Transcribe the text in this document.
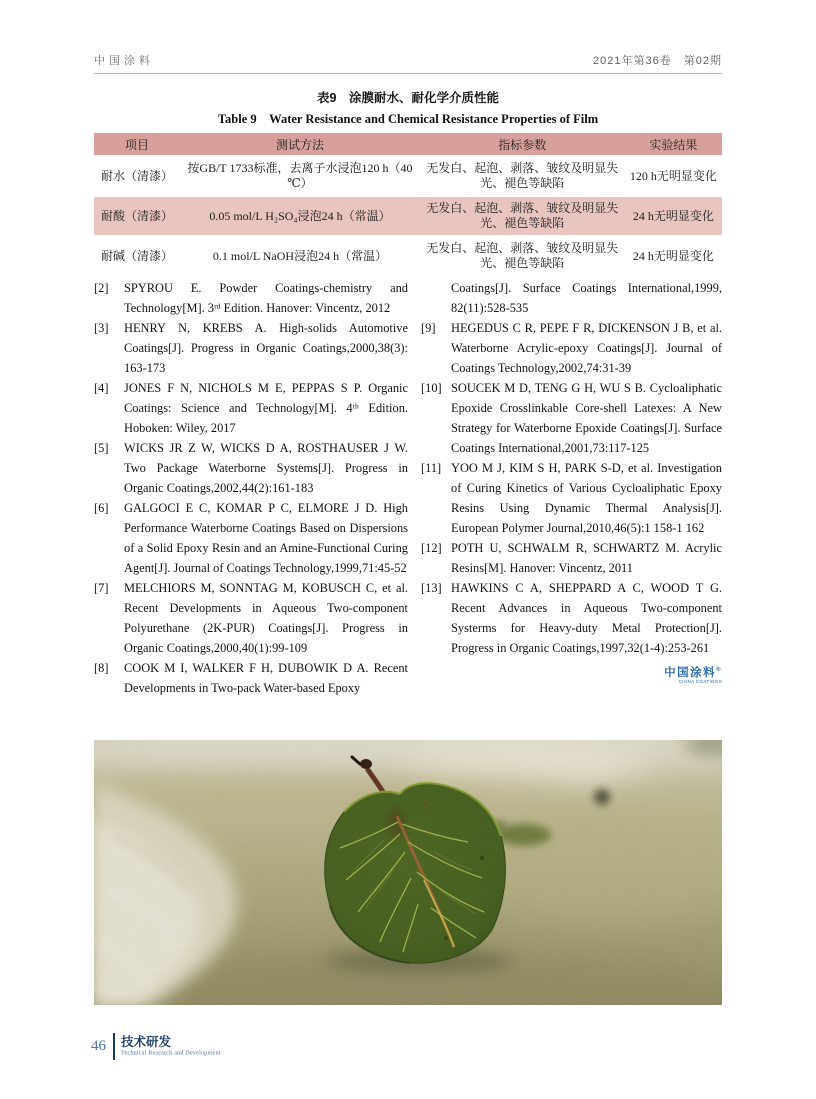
中国涂料	2021年第36卷　第02期
表9　涂膜耐水、耐化学介质性能
Table 9　Water Resistance and Chemical Resistance Properties of Film
项目	测试方法	指标参数	实验结果
耐水（清漆）	按GB/T 1733标准，去离子水浸泡120 h（40 ℃）	无发白、起泡、剥落、皱纹及明显失光、褪色等缺陷	120 h无明显变化
耐酸（清漆）	0.05 mol/L H₂SO₄浸泡24 h（常温）	无发白、起泡、剥落、皱纹及明显失光、褪色等缺陷	24 h无明显变化
耐碱（清漆）	0.1 mol/L NaOH浸泡24 h（常温）	无发白、起泡、剥落、皱纹及明显失光、褪色等缺陷	24 h无明显变化

[2] SPYROU E. Powder Coatings-chemistry and Technology[M]. 3ʳᵈ Edition. Hanover: Vincentz, 2012

[3] HENRY N, KREBS A. High-solids Automotive Coatings[J]. Progress in Organic Coatings,2000,38(3): 163-173

[4] JONES F N, NICHOLS M E, PEPPAS S P. Organic Coatings: Science and Technology[M]. 4ᵗʰ Edition. Hoboken: Wiley, 2017

[5] WICKS JR Z W, WICKS D A, ROSTHAUSER J W. Two Package Waterborne Systems[J]. Progress in Organic Coatings,2002,44(2):161-183

[6] GALGOCI E C, KOMAR P C, ELMORE J D. High Performance Waterborne Coatings Based on Dispersions of a Solid Epoxy Resin and an Amine-Functional Curing Agent[J]. Journal of Coatings Technology,1999,71:45-52

[7] MELCHIORS M, SONNTAG M, KOBUSCH C, et al. Recent Developments in Aqueous Two-component Polyurethane (2K-PUR) Coatings[J]. Progress in Organic Coatings,2000,40(1):99-109

[8] COOK M I, WALKER F H, DUBOWIK D A. Recent Developments in Two-pack Water-based Epoxy

Coatings[J]. Surface Coatings International,1999, 82(11):528-535

[9] HEGEDUS C R, PEPE F R, DICKENSON J B, et al. Waterborne Acrylic-epoxy Coatings[J]. Journal of Coatings Technology,2002,74:31-39

[10] SOUCEK M D, TENG G H, WU S B. Cycloaliphatic Epoxide Crosslinkable Core-shell Latexes: A New Strategy for Waterborne Epoxide Coatings[J]. Surface Coatings International,2001,73:117-125

[11] YOO M J, KIM S H, PARK S-D, et al. Investigation of Curing Kinetics of Various Cycloaliphatic Epoxy Resins Using Dynamic Thermal Analysis[J]. European Polymer Journal,2010,46(5):1 158-1 162

[12] POTH U, SCHWALM R, SCHWARTZ M. Acrylic Resins[M]. Hanover: Vincentz, 2011

[13] HAWKINS C A, SHEPPARD A C, WOOD T G. Recent Advances in Aqueous Two-component Systerms for Heavy-duty Metal Protection[J]. Progress in Organic Coatings,1997,32(1-4):253-261

中国涂料®
CHINA COATINGS
46 技术研发
Technical Research and Development
